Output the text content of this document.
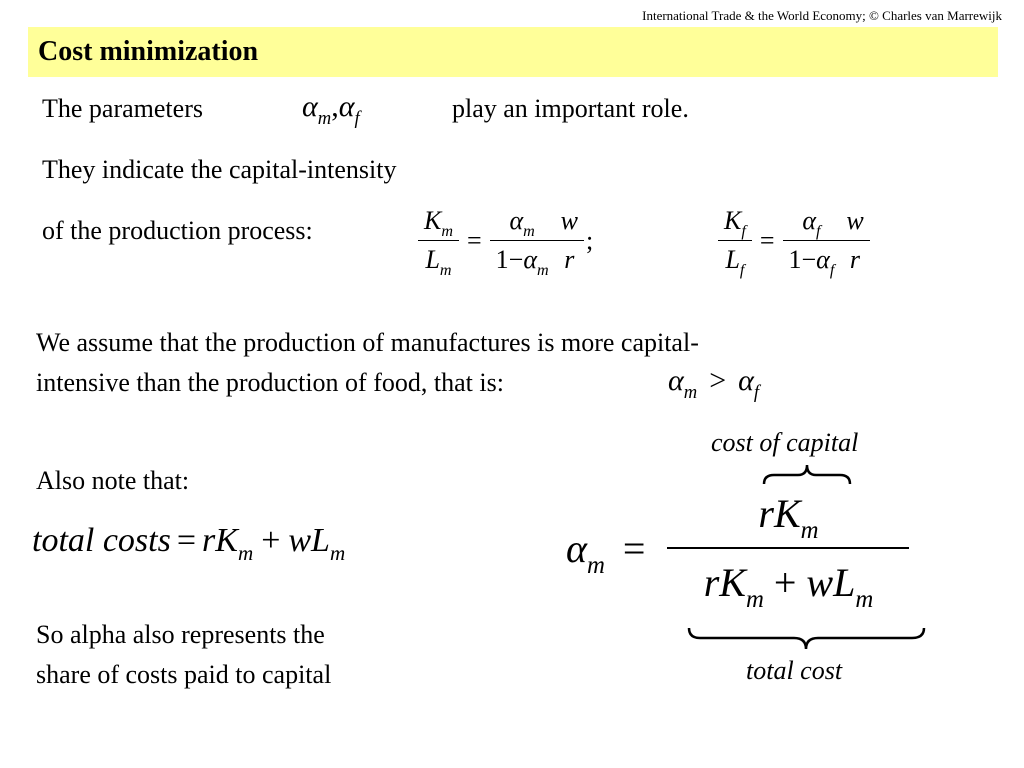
International Trade & the World Economy; © Charles van Marrewijk
Cost minimization
The parameters	$\alpha_m,\alpha_f$	play an important role.
They indicate the capital-intensity
of the production process:	$\frac{K_m}{L_m} = \frac{\alpha_m}{1-\alpha_m} \frac{w}{r}$ ;	$\frac{K_f}{L_f} = \frac{\alpha_f}{1-\alpha_f} \frac{w}{r}$
We assume that the production of manufactures is more capital-
intensive than the production of food, that is:	$\alpha_m > \alpha_f$
Also note that:
total costs = $rK_m + wL_m$
cost of capital
$\alpha_m = \frac{rK_m}{rK_m + wL_m}$
total cost
So alpha also represents the
share of costs paid to capital
